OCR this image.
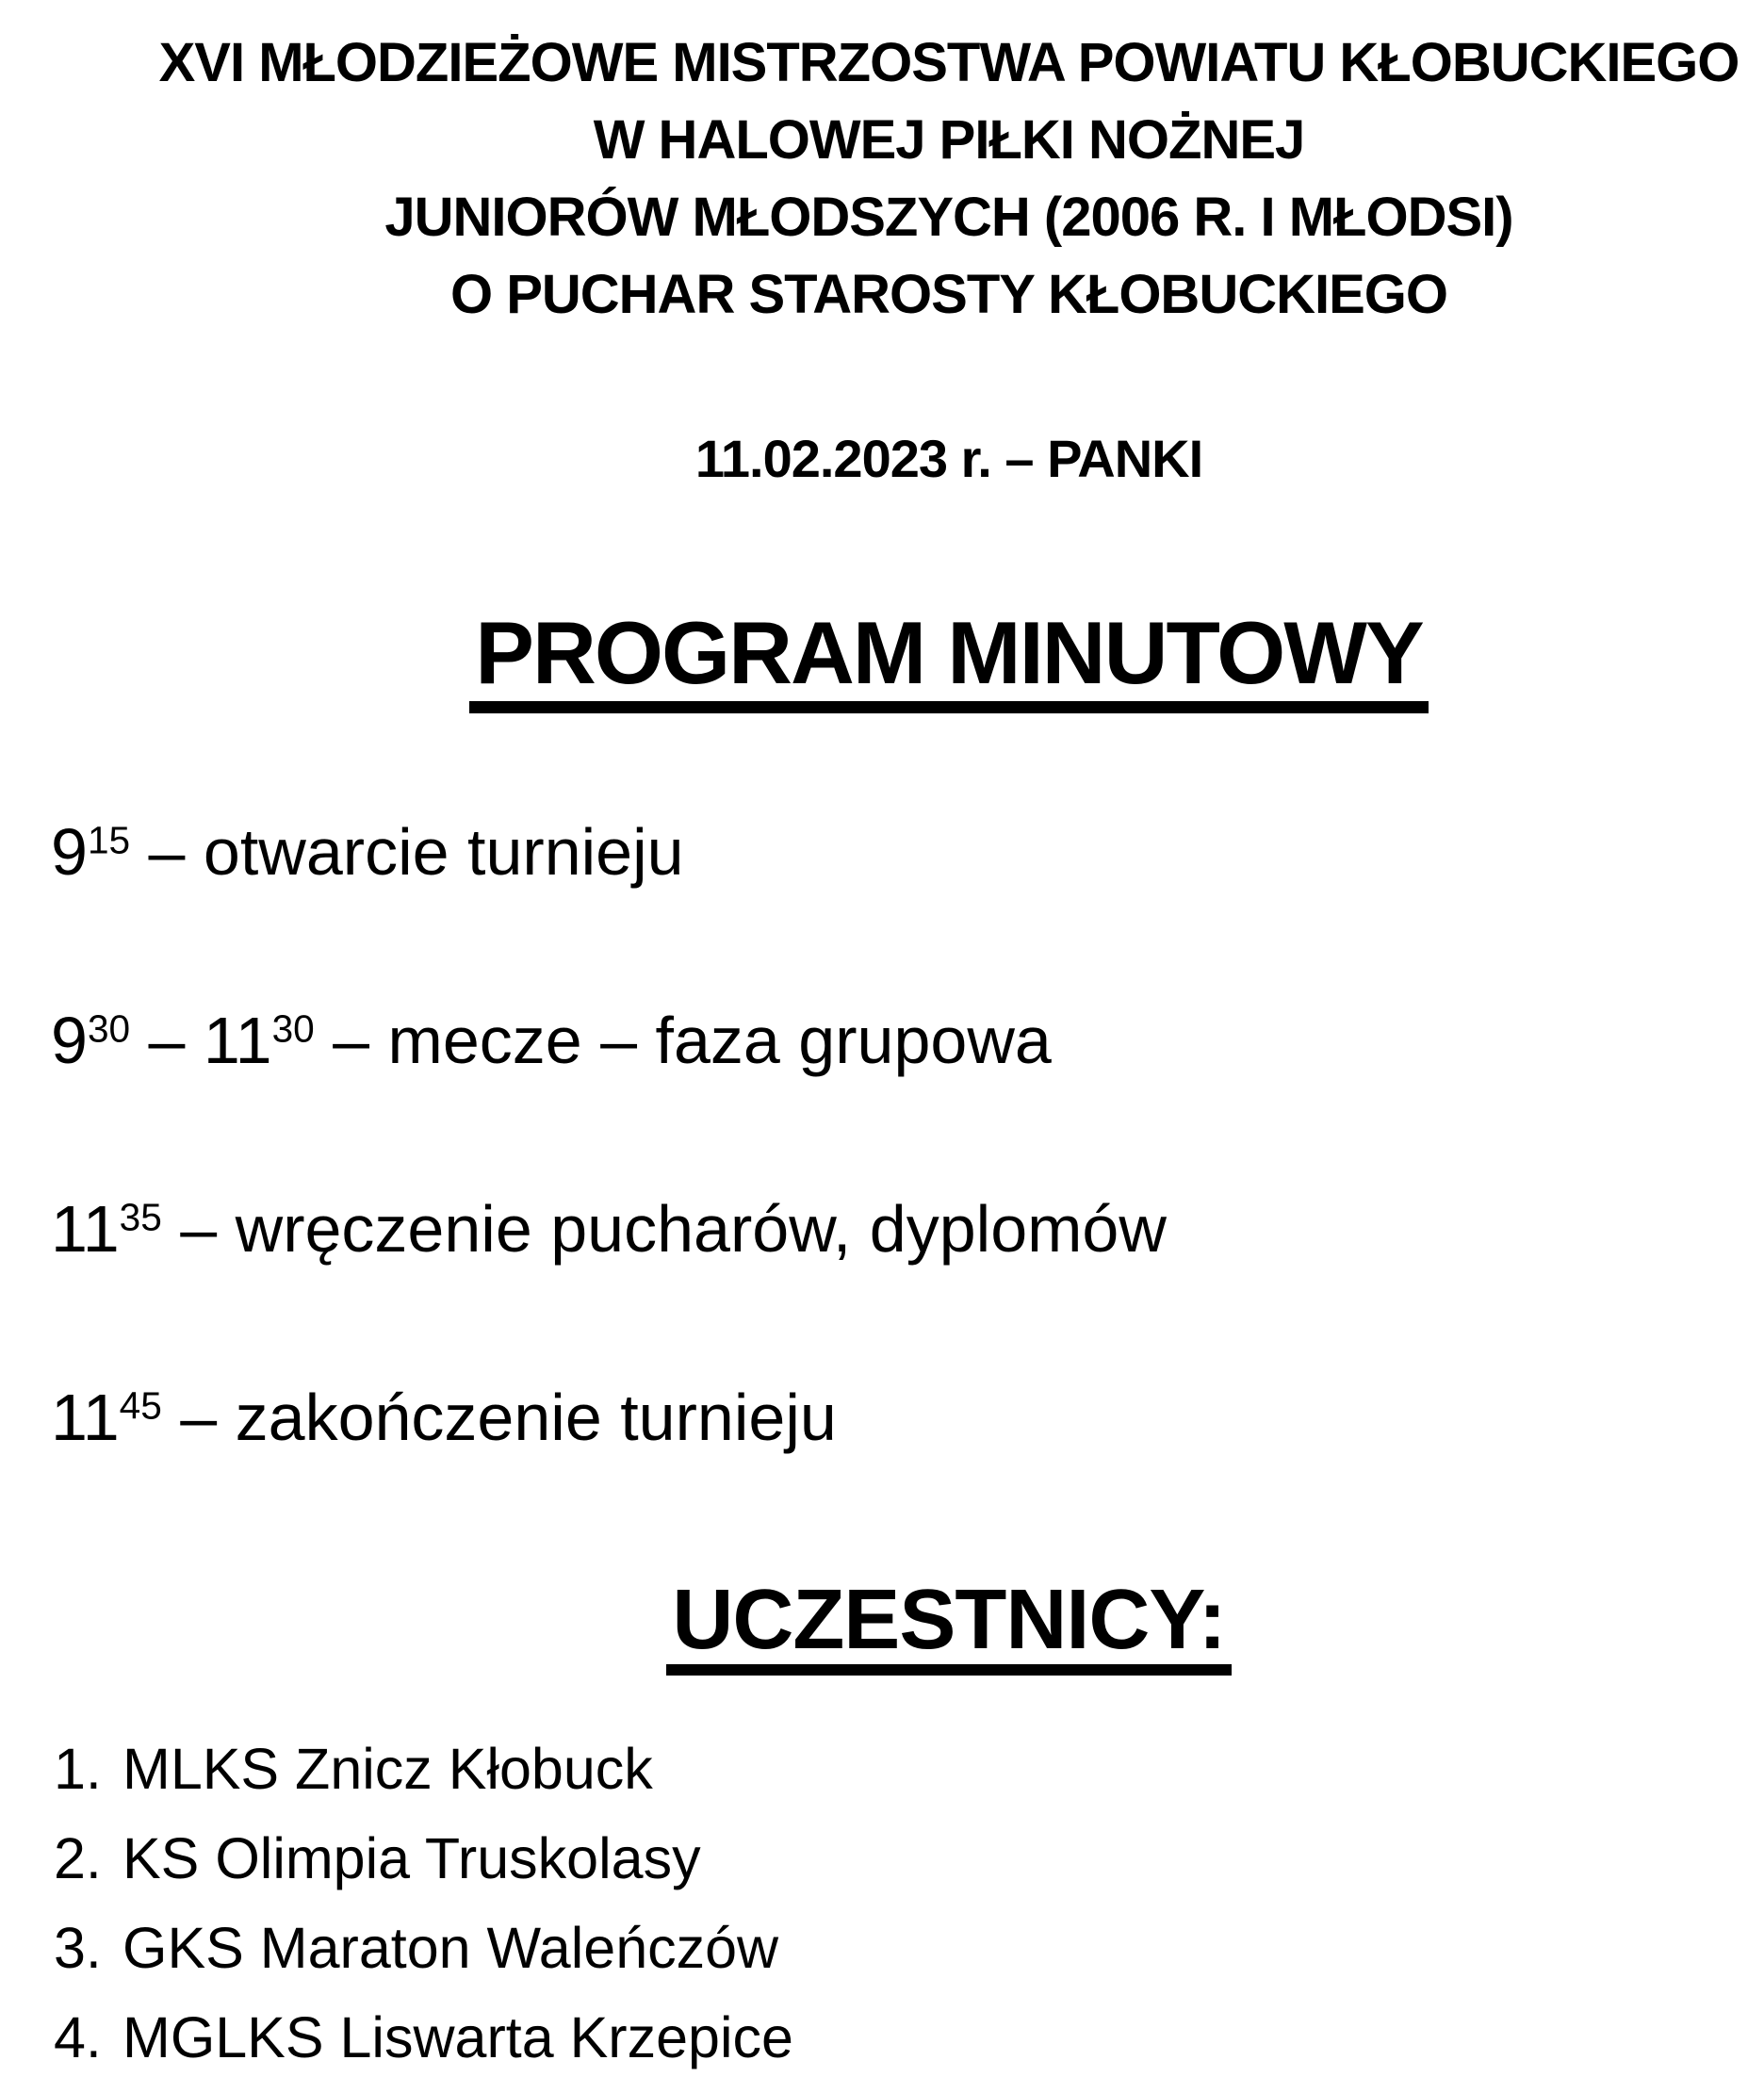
XVI MŁODZIEŻOWE MISTRZOSTWA POWIATU KŁOBUCKIEGO
W HALOWEJ PIŁKI NOŻNEJ
JUNIORÓW MŁODSZYCH (2006 R. I MŁODSI)
O PUCHAR STAROSTY KŁOBUCKIEGO
11.02.2023 r. – PANKI
PROGRAM MINUTOWY
$9^{15}$ – otwarcie turnieju
$9^{30} - 11^{30}$ – mecze – faza grupowa
$11^{35}$ – wręczenie pucharów, dyplomów
$11^{45}$ – zakończenie turnieju
UCZESTNICY:
1. MLKS Znicz Kłobuck
2. KS Olimpia Truskolasy
3. GKS Maraton Waleńczów
4. MGLKS Liswarta Krzepice
